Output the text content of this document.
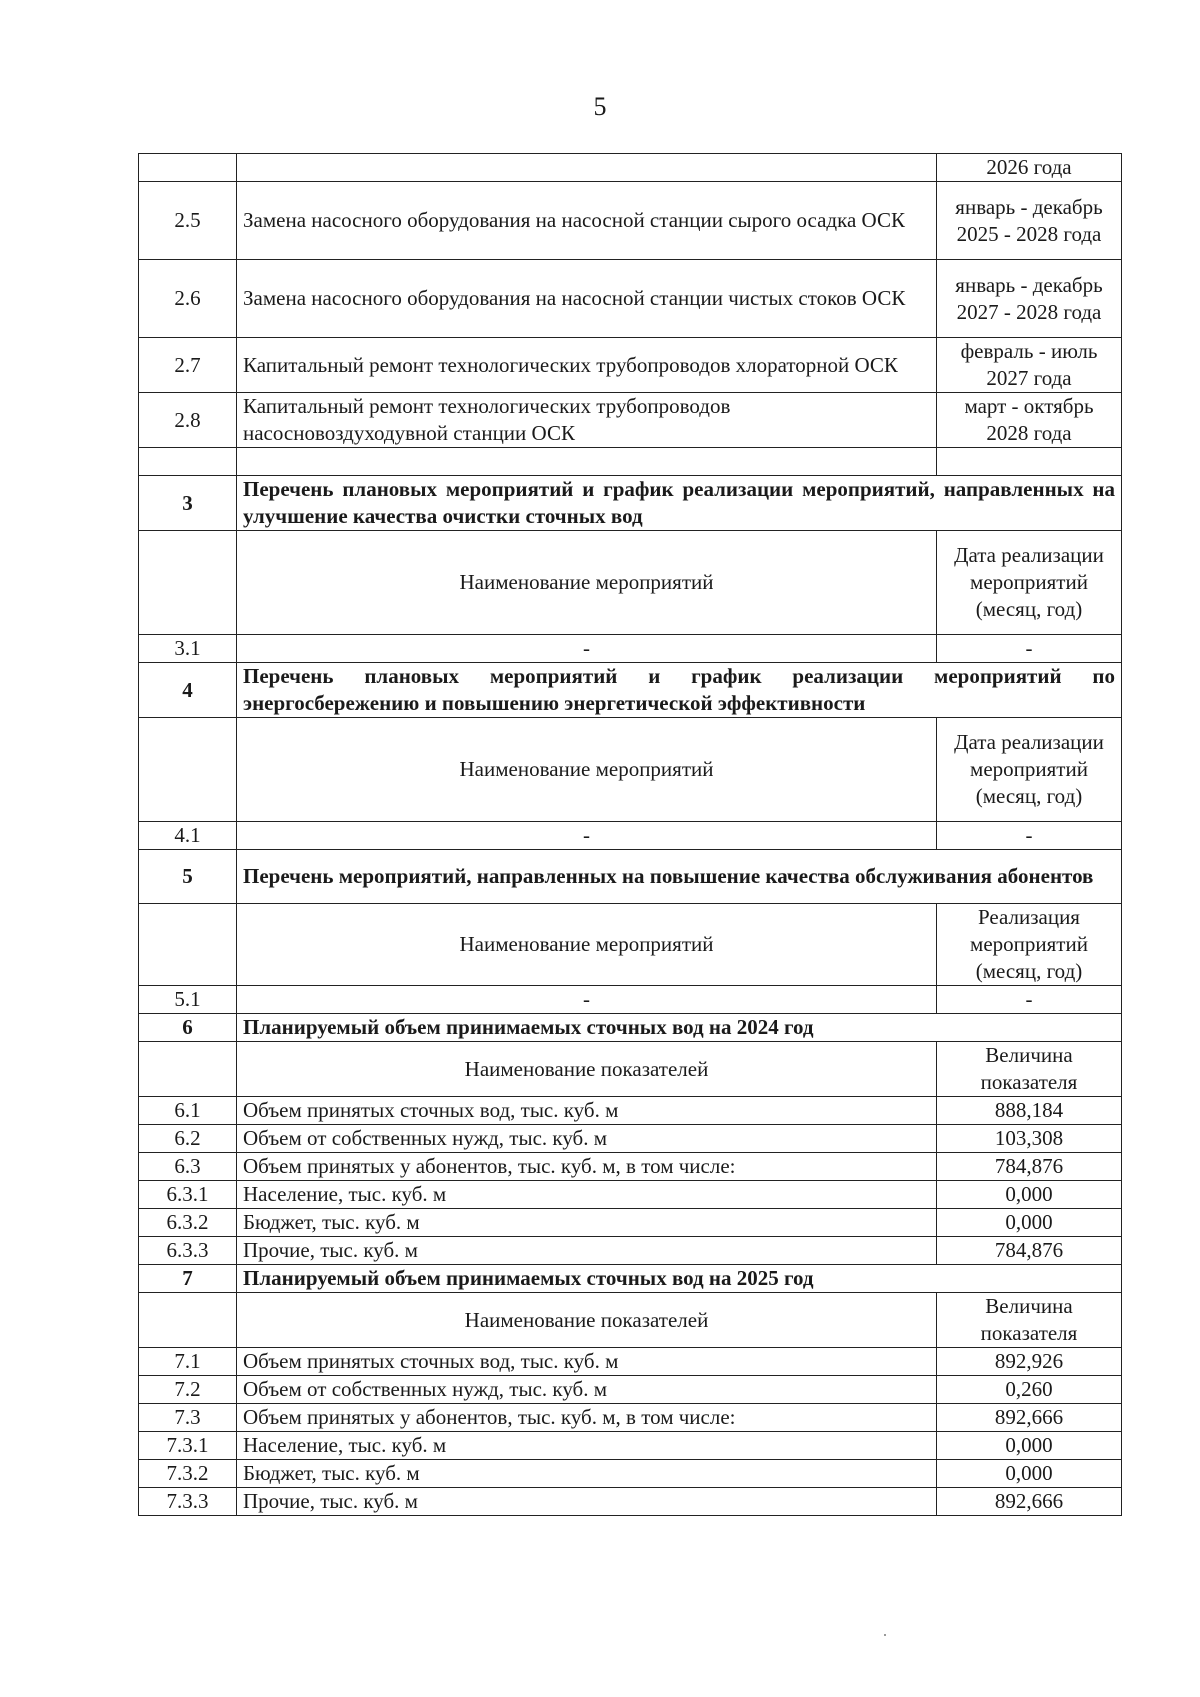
5
		2026 года
2.5	Замена насосного оборудования на насосной станции сырого осадка ОСК	январь - декабрь 2025 - 2028 года
2.6	Замена насосного оборудования на насосной станции чистых стоков ОСК	январь - декабрь 2027 - 2028 года
2.7	Капитальный ремонт технологических трубопроводов хлораторной ОСК	февраль - июль 2027 года
2.8	Капитальный ремонт технологических трубопроводов насосновоздуходувной станции ОСК	март - октябрь 2028 года

3	Перечень плановых мероприятий и график реализации мероприятий, направленных на улучшение качества очистки сточных вод	
	Наименование мероприятий	Дата реализации мероприятий (месяц, год)
3.1	-	-
4	Перечень плановых мероприятий и график реализации мероприятий по энергосбережению и повышению энергетической эффективности	
	Наименование мероприятий	Дата реализации мероприятий (месяц, год)
4.1	-	-
5	Перечень мероприятий, направленных на повышение качества обслуживания абонентов	
	Наименование мероприятий	Реализация мероприятий (месяц, год)
5.1	-	-
6	Планируемый объем принимаемых сточных вод на 2024 год	
	Наименование показателей	Величина показателя
6.1	Объем принятых сточных вод, тыс. куб. м	888,184
6.2	Объем от собственных нужд, тыс. куб. м	103,308
6.3	Объем принятых у абонентов, тыс. куб. м, в том числе:	784,876
6.3.1	Население, тыс. куб. м	0,000
6.3.2	Бюджет, тыс. куб. м	0,000
6.3.3	Прочие, тыс. куб. м	784,876
7	Планируемый объем принимаемых сточных вод на 2025 год	
	Наименование показателей	Величина показателя
7.1	Объем принятых сточных вод, тыс. куб. м	892,926
7.2	Объем от собственных нужд, тыс. куб. м	0,260
7.3	Объем принятых у абонентов, тыс. куб. м, в том числе:	892,666
7.3.1	Население, тыс. куб. м	0,000
7.3.2	Бюджет, тыс. куб. м	0,000
7.3.3	Прочие, тыс. куб. м	892,666
